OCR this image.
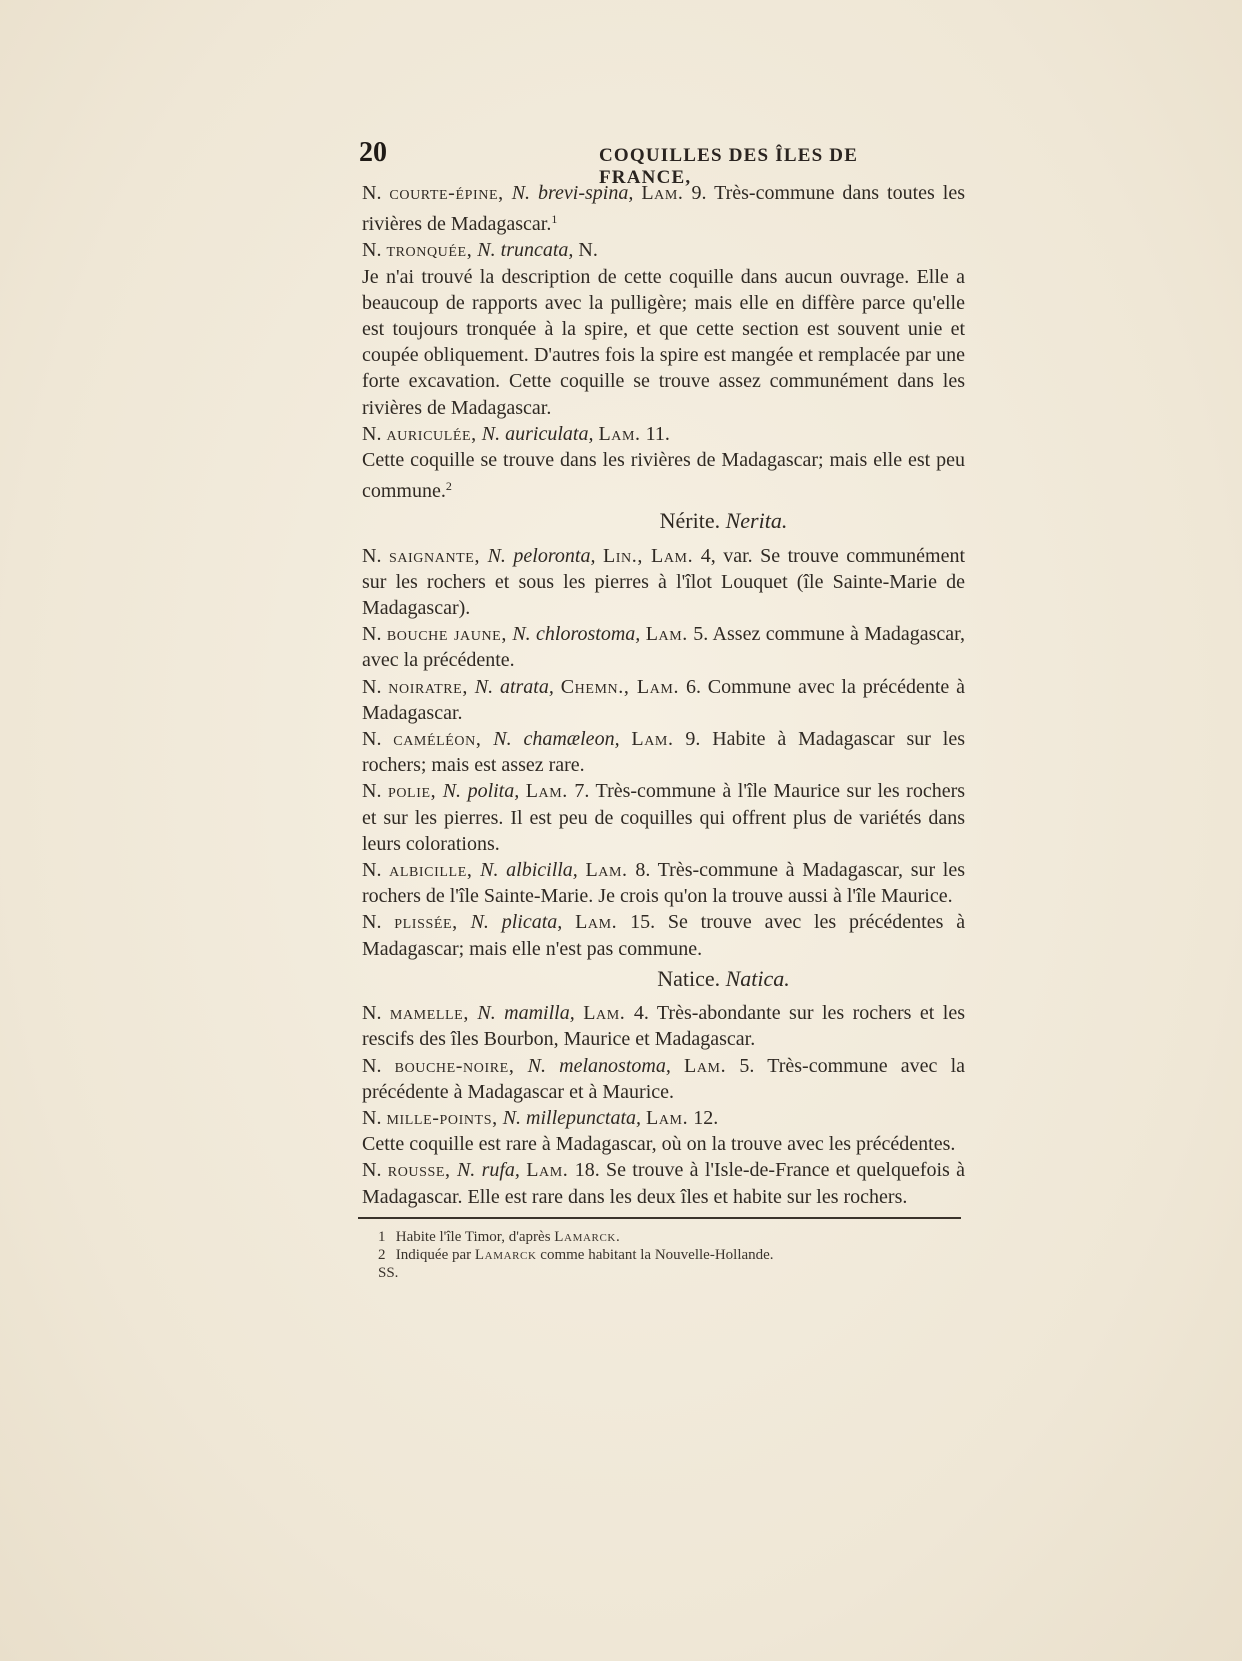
20	COQUILLES DES ÎLES DE FRANCE,

N. courte-épine, N. brevi-spina, Lam. 9. Très-commune dans toutes les rivières de Madagascar.$^1$

N. tronquée, N. truncata, N.

Je n'ai trouvé la description de cette coquille dans aucun ouvrage. Elle a beaucoup de rapports avec la pulligère; mais elle en diffère parce qu'elle est toujours tronquée à la spire, et que cette section est souvent unie et coupée obliquement. D'autres fois la spire est mangée et remplacée par une forte excavation. Cette coquille se trouve assez communément dans les rivières de Madagascar.

N. auriculée, N. auriculata, Lam. 11.

Cette coquille se trouve dans les rivières de Madagascar; mais elle est peu commune.$^2$

Nérite. Nerita.

N. saignante, N. peloronta, Lin., Lam. 4, var. Se trouve communément sur les rochers et sous les pierres à l'îlot Louquet (île Sainte-Marie de Madagascar).

N. bouche jaune, N. chlorostoma, Lam. 5. Assez commune à Madagascar, avec la précédente.

N. noiratre, N. atrata, Chemn., Lam. 6. Commune avec la précédente à Madagascar.

N. caméléon, N. chamæleon, Lam. 9. Habite à Madagascar sur les rochers; mais est assez rare.

N. polie, N. polita, Lam. 7. Très-commune à l'île Maurice sur les rochers et sur les pierres. Il est peu de coquilles qui offrent plus de variétés dans leurs colorations.

N. albicille, N. albicilla, Lam. 8. Très-commune à Madagascar, sur les rochers de l'île Sainte-Marie. Je crois qu'on la trouve aussi à l'île Maurice.

N. plissée, N. plicata, Lam. 15. Se trouve avec les précédentes à Madagascar; mais elle n'est pas commune.

Natice. Natica.

N. mamelle, N. mamilla, Lam. 4. Très-abondante sur les rochers et les rescifs des îles Bourbon, Maurice et Madagascar.

N. bouche-noire, N. melanostoma, Lam. 5. Très-commune avec la précédente à Madagascar et à Maurice.

N. mille-points, N. millepunctata, Lam. 12.

Cette coquille est rare à Madagascar, où on la trouve avec les précédentes.

N. rousse, N. rufa, Lam. 18. Se trouve à l'Isle-de-France et quelquefois à Madagascar. Elle est rare dans les deux îles et habite sur les rochers.

1 Habite l'île Timor, d'après Lamarck.

2 Indiquée par Lamarck comme habitant la Nouvelle-Hollande.

SS.
